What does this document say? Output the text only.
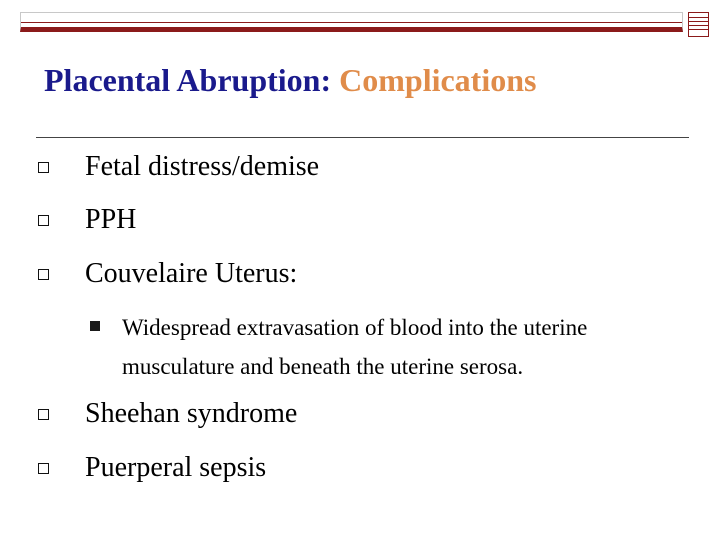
Placental Abruption: Complications
Fetal distress/demise
PPH
Couvelaire Uterus:
Widespread extravasation of blood into the uterine musculature and beneath the uterine serosa.
Sheehan syndrome
Puerperal sepsis
